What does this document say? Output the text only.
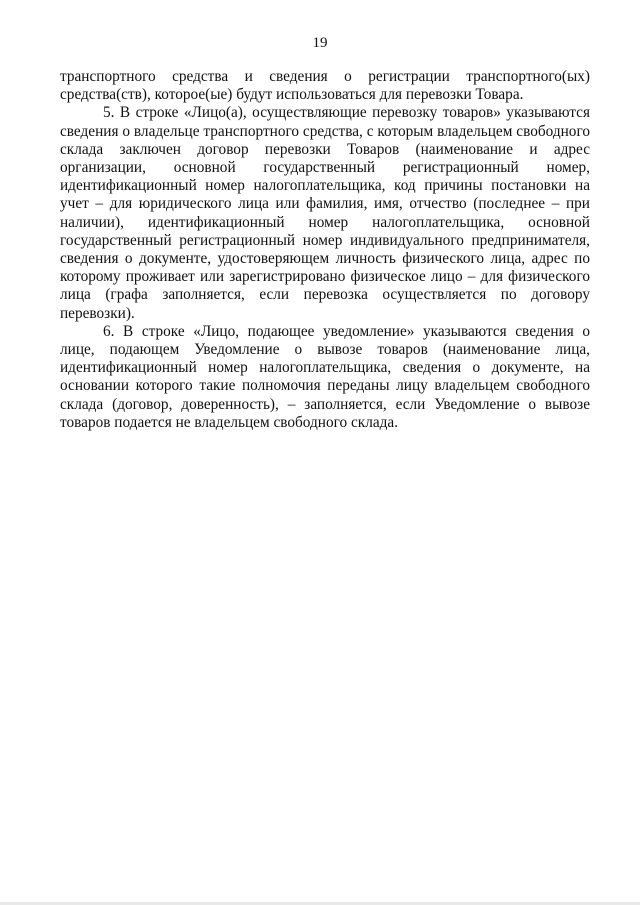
19

транспортного средства и сведения о регистрации транспортного(ых) средства(ств), которое(ые) будут использоваться для перевозки Товара.

5. В строке «Лицо(а), осуществляющие перевозку товаров» указываются сведения о владельце транспортного средства, с которым владельцем свободного склада заключен договор перевозки Товаров (наименование и адрес организации, основной государственный регистрационный номер, идентификационный номер налогоплательщика, код причины постановки на учет – для юридического лица или фамилия, имя, отчество (последнее – при наличии), идентификационный номер налогоплательщика, основной государственный регистрационный номер индивидуального предпринимателя, сведения о документе, удостоверяющем личность физического лица, адрес по которому проживает или зарегистрировано физическое лицо – для физического лица (графа заполняется, если перевозка осуществляется по договору перевозки).

6. В строке «Лицо, подающее уведомление» указываются сведения о лице, подающем Уведомление о вывозе товаров (наименование лица, идентификационный номер налогоплательщика, сведения о документе, на основании которого такие полномочия переданы лицу владельцем свободного склада (договор, доверенность), – заполняется, если Уведомление о вывозе товаров подается не владельцем свободного склада.
